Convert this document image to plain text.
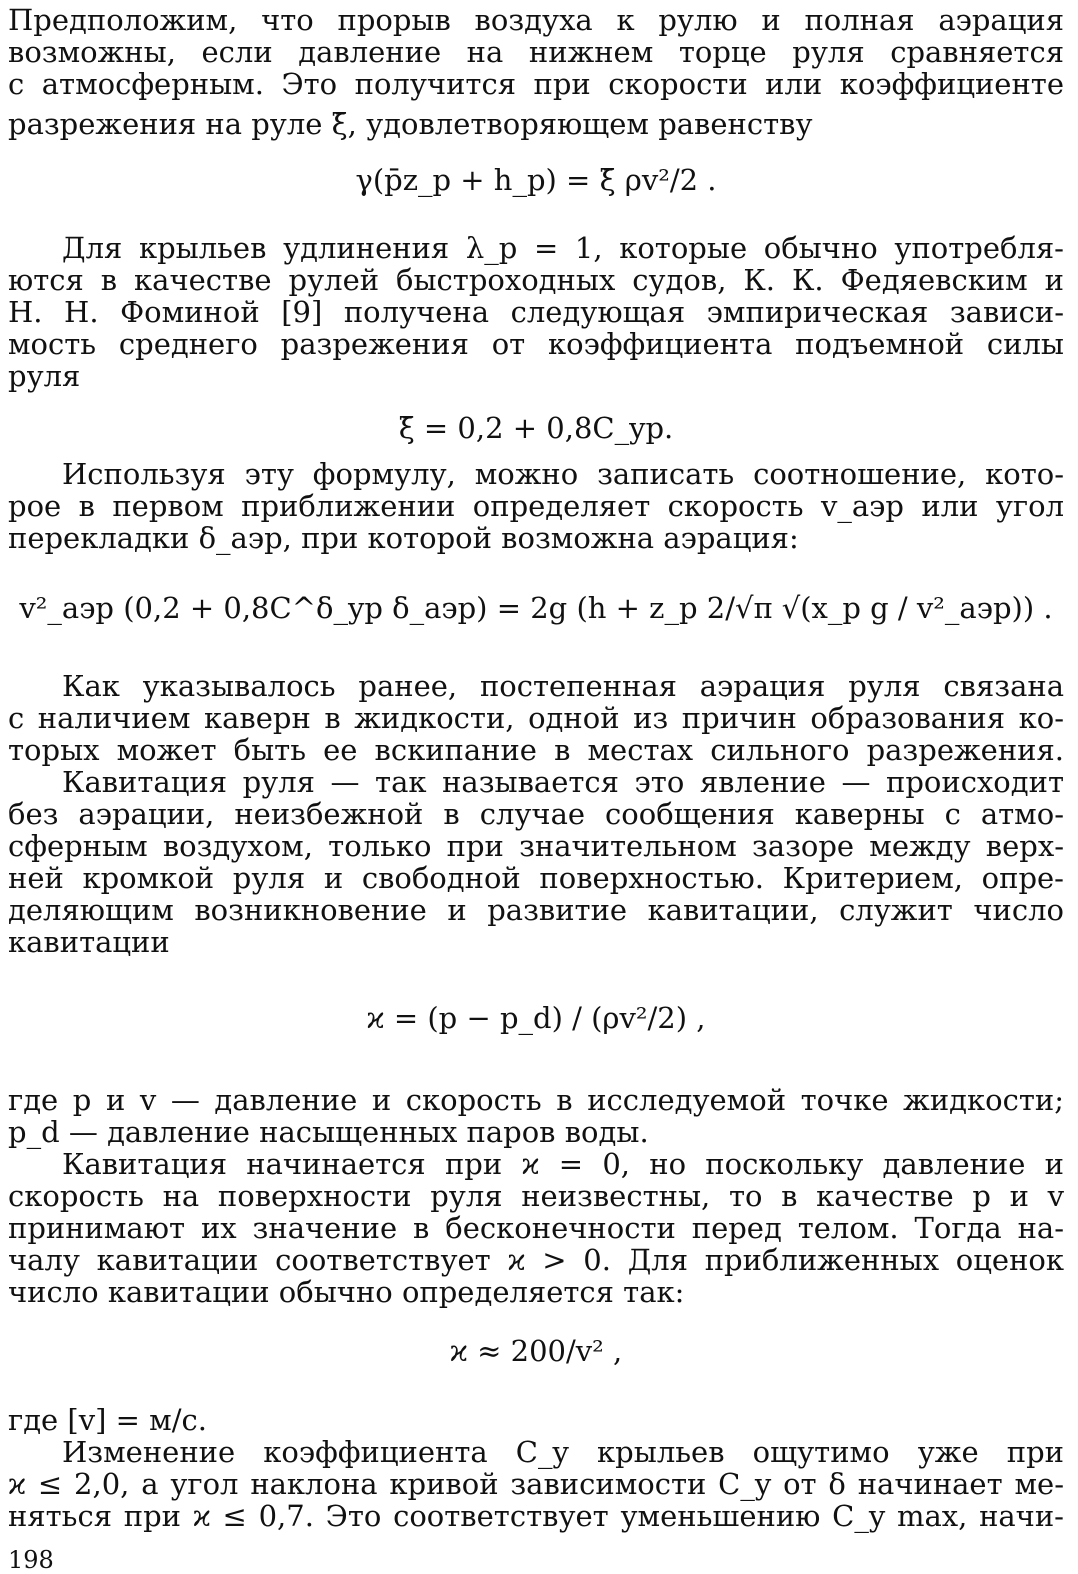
Предположим, что прорыв воздуха к рулю и полная аэрация
возможны, если давление на нижнем торце руля сравняется
с атмосферным. Это получится при скорости или коэффициенте
разрежения на руле ξ̄, удовлетворяющем равенству
γ(p̄z_p + h_p) = ξ̄ ρv²/2 .
Для крыльев удлинения λ_p = 1, которые обычно употребля-
ются в качестве рулей быстроходных судов, К. К. Федяевским и
Н. Н. Фоминой [9] получена следующая эмпирическая зависи-
мость среднего разрежения от коэффициента подъемной силы
руля
ξ̄ = 0,2 + 0,8C_yp.
Используя эту формулу, можно записать соотношение, кото-
рое в первом приближении определяет скорость v_аэр или угол
перекладки δ_аэр, при которой возможна аэрация:
v²_аэр (0,2 + 0,8C^δ_yp δ_аэр) = 2g (h + z_p 2/√π √(x_p g / v²_аэр)) .
Как указывалось ранее, постепенная аэрация руля связана
с наличием каверн в жидкости, одной из причин образования ко-
торых может быть ее вскипание в местах сильного разрежения.
Кавитация руля — так называется это явление — происходит
без аэрации, неизбежной в случае сообщения каверны с атмо-
сферным воздухом, только при значительном зазоре между верх-
ней кромкой руля и свободной поверхностью. Критерием, опре-
деляющим возникновение и развитие кавитации, служит число
кавитации
ϰ = (p − p_d) / (ρv²/2) ,
где p и v — давление и скорость в исследуемой точке жидкости;
p_d — давление насыщенных паров воды.
Кавитация начинается при ϰ = 0, но поскольку давление и
скорость на поверхности руля неизвестны, то в качестве p и v
принимают их значение в бесконечности перед телом. Тогда на-
чалу кавитации соответствует ϰ > 0. Для приближенных оценок
число кавитации обычно определяется так:
ϰ ≈ 200/v² ,
где [v] = м/с.
Изменение коэффициента C_y крыльев ощутимо уже при
ϰ ≤ 2,0, а угол наклона кривой зависимости C_y от δ начинает ме-
няться при ϰ ≤ 0,7. Это соответствует уменьшению C_y max, начи-
198
